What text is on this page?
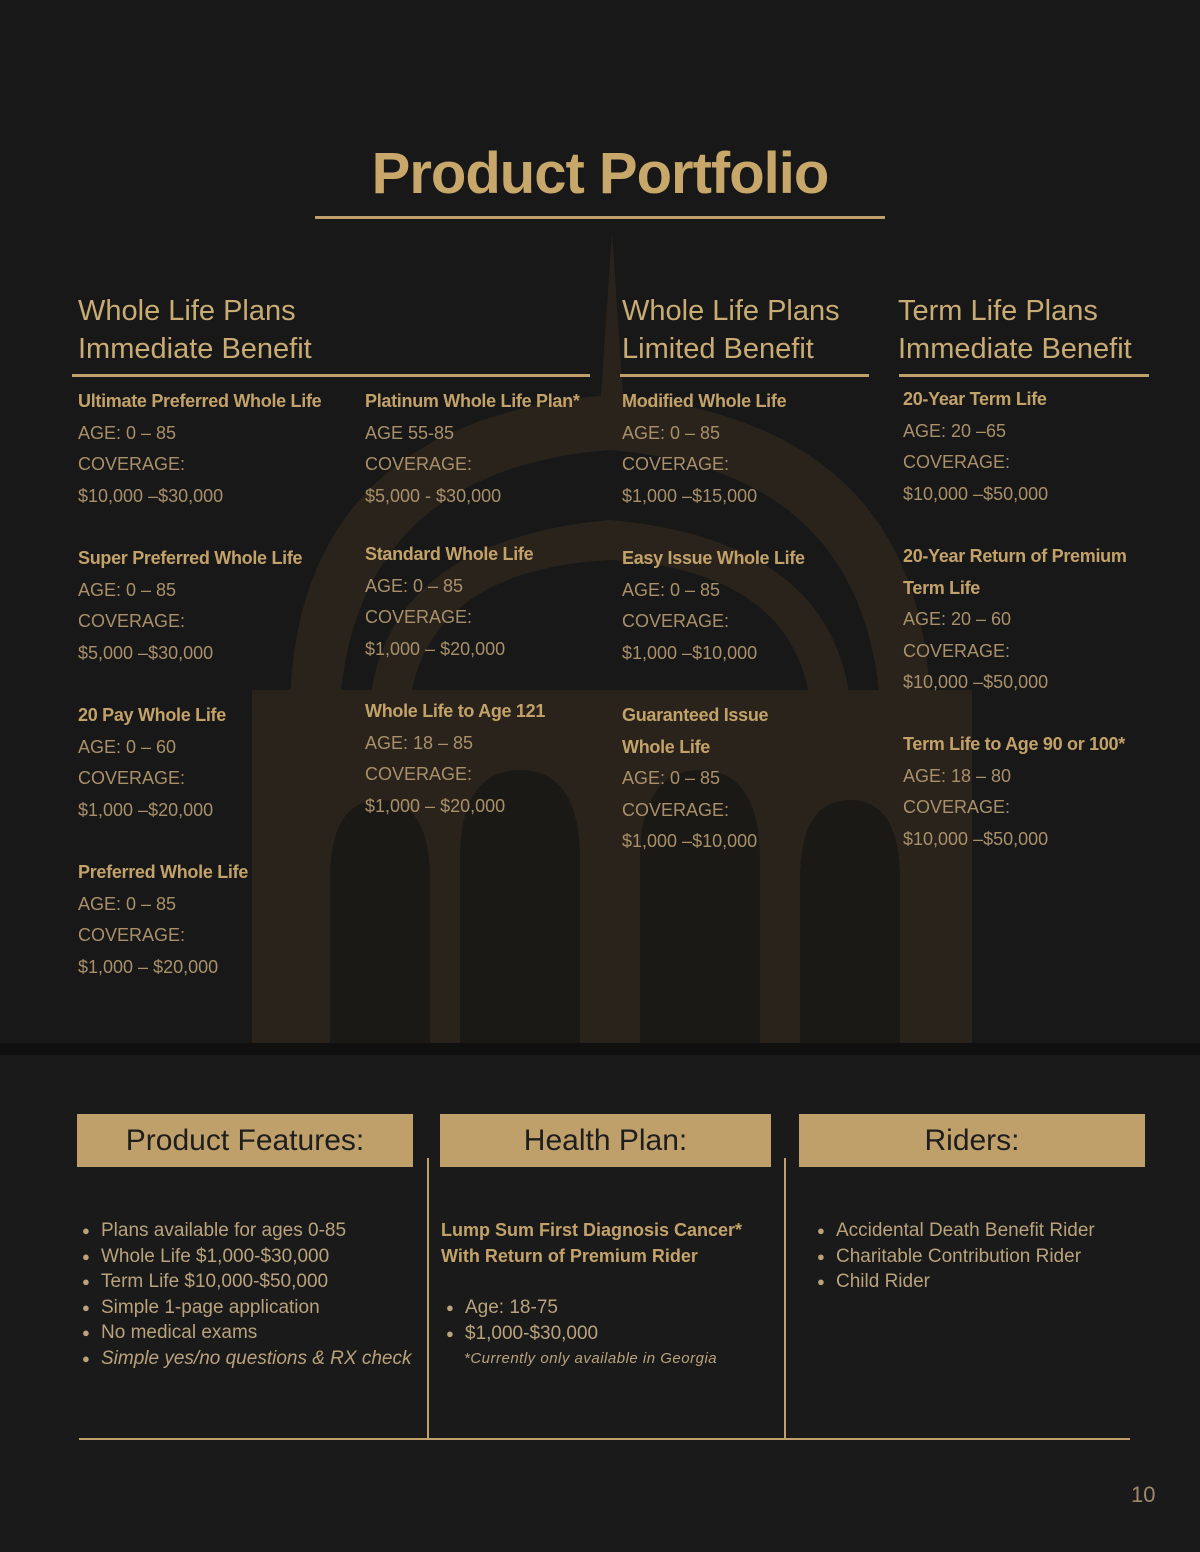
Product Portfolio
Whole Life Plans
Immediate Benefit
Whole Life Plans
Limited Benefit
Term Life Plans
Immediate Benefit
Ultimate Preferred Whole Life
AGE: 0 – 85
COVERAGE:
$10,000 –$30,000
Super Preferred Whole Life
AGE: 0 – 85
COVERAGE:
$5,000 –$30,000
20 Pay Whole Life
AGE: 0 – 60
COVERAGE:
$1,000 –$20,000
Preferred Whole Life
AGE: 0 – 85
COVERAGE:
$1,000 – $20,000
Platinum Whole Life Plan*
AGE 55-85
COVERAGE:
$5,000 - $30,000
Standard Whole Life
AGE: 0 – 85
COVERAGE:
$1,000 – $20,000
Whole Life to Age 121
AGE: 18 – 85
COVERAGE:
$1,000 – $20,000
Modified Whole Life
AGE: 0 – 85
COVERAGE:
$1,000 –$15,000
Easy Issue Whole Life
AGE: 0 – 85
COVERAGE:
$1,000 –$10,000
Guaranteed Issue
Whole Life
AGE: 0 – 85
COVERAGE:
$1,000 –$10,000
20-Year Term Life
AGE: 20 –65
COVERAGE:
$10,000 –$50,000
20-Year Return of Premium
Term Life
AGE: 20 – 60
COVERAGE:
$10,000 –$50,000
Term Life to Age 90 or 100*
AGE: 18 – 80
COVERAGE:
$10,000 –$50,000
Product Features:	Health Plan:	Riders:
● Plans available for ages 0-85
● Whole Life $1,000-$30,000
● Term Life $10,000-$50,000
● Simple 1-page application
● No medical exams
● Simple yes/no questions & RX check
Lump Sum First Diagnosis Cancer*
With Return of Premium Rider
● Age: 18-75
● $1,000-$30,000
*Currently only available in Georgia
● Accidental Death Benefit Rider
● Charitable Contribution Rider
● Child Rider
10
